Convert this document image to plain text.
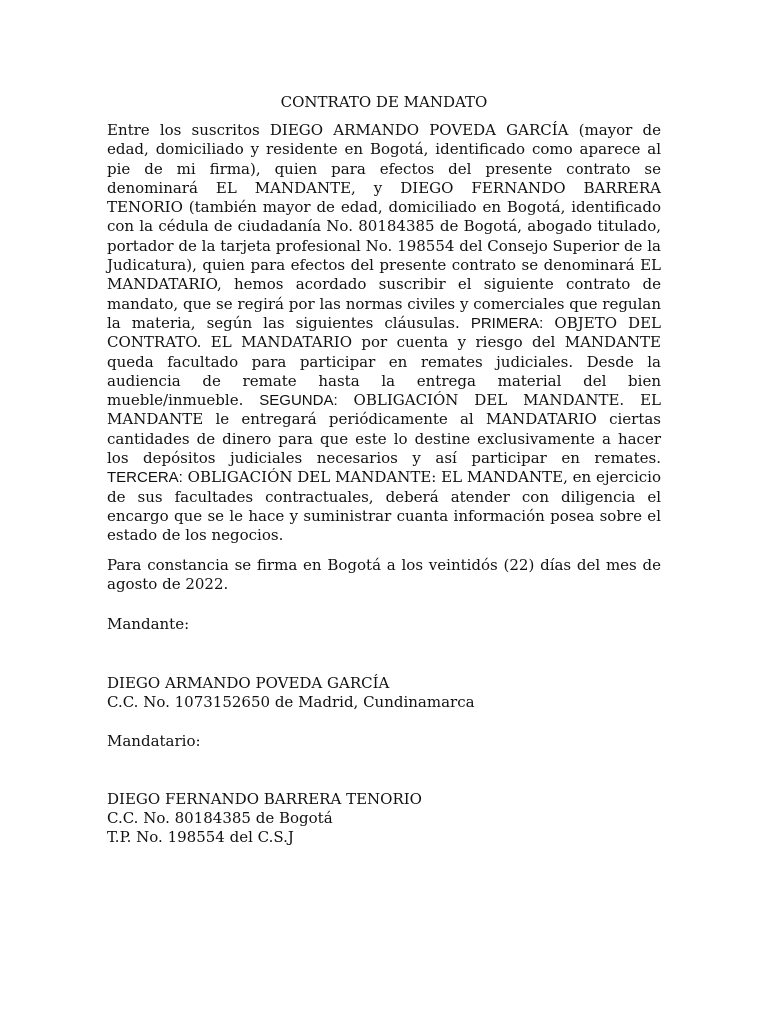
CONTRATO DE MANDATO

Entre los suscritos DIEGO ARMANDO POVEDA GARCÍA (mayor de edad, domiciliado y residente en Bogotá, identificado como aparece al pie de mi firma), quien para efectos del presente contrato se denominará EL MANDANTE, y DIEGO FERNANDO BARRERA TENORIO (también mayor de edad, domiciliado en Bogotá, identificado con la cédula de ciudadanía No. 80184385 de Bogotá, abogado titulado, portador de la tarjeta profesional No. 198554 del Consejo Superior de la Judicatura), quien para efectos del presente contrato se denominará EL MANDATARIO, hemos acordado suscribir el siguiente contrato de mandato, que se regirá por las normas civiles y comerciales que regulan la materia, según las siguientes cláusulas. PRIMERA: OBJETO DEL CONTRATO. EL MANDATARIO por cuenta y riesgo del MANDANTE queda facultado para participar en remates judiciales. Desde la audiencia de remate hasta la entrega material del bien mueble/inmueble. SEGUNDA: OBLIGACIÓN DEL MANDANTE. EL MANDANTE le entregará periódicamente al MANDATARIO ciertas cantidades de dinero para que este lo destine exclusivamente a hacer los depósitos judiciales necesarios y así participar en remates. TERCERA: OBLIGACIÓN DEL MANDANTE: EL MANDANTE, en ejercicio de sus facultades contractuales, deberá atender con diligencia el encargo que se le hace y suministrar cuanta información posea sobre el estado de los negocios.

Para constancia se firma en Bogotá a los veintidós (22) días del mes de agosto de 2022.

Mandante:
DIEGO ARMANDO POVEDA GARCÍA
C.C. No. 1073152650 de Madrid, Cundinamarca
Mandatario:
DIEGO FERNANDO BARRERA TENORIO
C.C. No. 80184385 de Bogotá
T.P. No. 198554 del C.S.J
